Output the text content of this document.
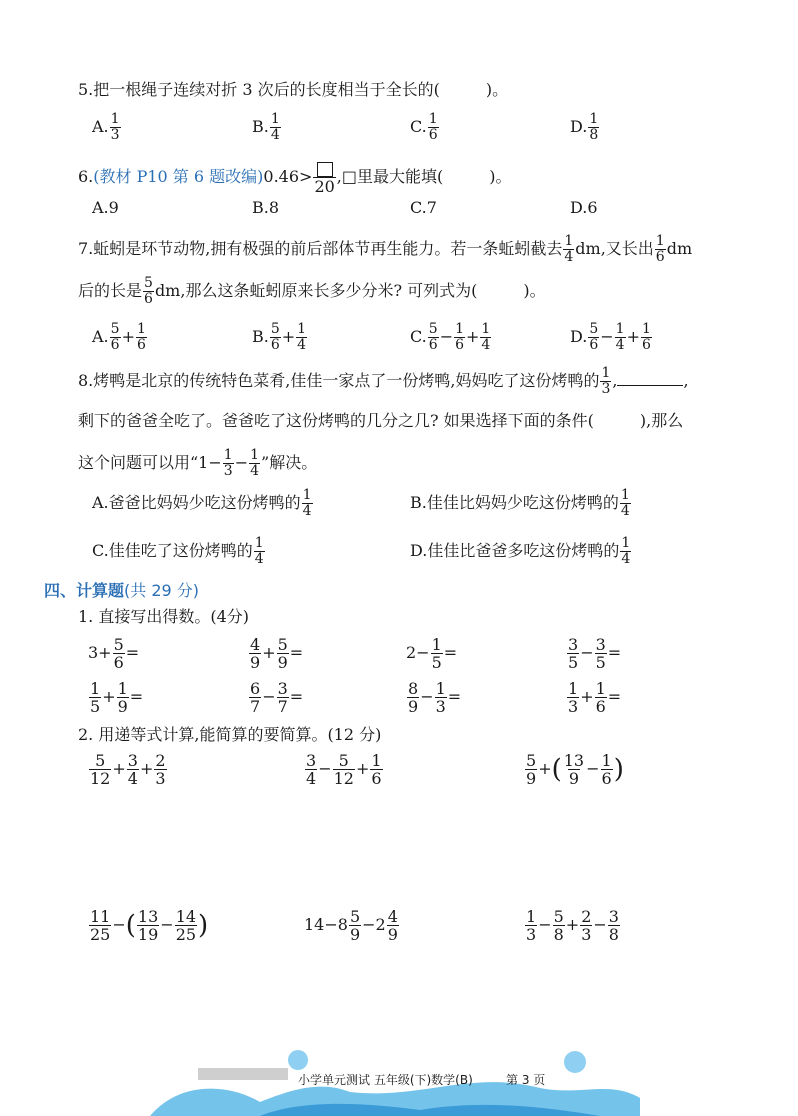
5.把一根绳子连续对折 3 次后的长度相当于全长的(	)。
A. $\frac{1}{3}$	B. $\frac{1}{4}$	C. $\frac{1}{6}$	D. $\frac{1}{8}$
6.(教材 P10 第 6 题改编)0.46>
20
,□里最大能填(	)。
A.9	B.8	C.7	D.6
7.蚯蚓是环节动物,拥有极强的前后部体节再生能力。若一条蚯蚓截去 $\frac{1}{4}$ dm,又长出 $\frac{1}{6}$ dm
后的长是 $\frac{5}{6}$ dm,那么这条蚯蚓原来长多少分米? 可列式为(	)。
A. $\frac{5}{6} + \frac{1}{6}$	B. $\frac{5}{6} + \frac{1}{4}$	C. $\frac{5}{6} - \frac{1}{6} + \frac{1}{4}$	D. $\frac{5}{6} - \frac{1}{4} + \frac{1}{6}$
8.烤鸭是北京的传统特色菜肴,佳佳一家点了一份烤鸭,妈妈吃了这份烤鸭的 $\frac{1}{3}$ ,	,
剩下的爸爸全吃了。爸爸吃了这份烤鸭的几分之几? 如果选择下面的条件(	),那么
这个问题可以用“$1- \frac{1}{3} - \frac{1}{4}$ ”解决。
A.爸爸比妈妈少吃这份烤鸭的 $\frac{1}{4}$	B.佳佳比妈妈少吃这份烤鸭的 $\frac{1}{4}$
C.佳佳吃了这份烤鸭的 $\frac{1}{4}$	D.佳佳比爸爸多吃这份烤鸭的 $\frac{1}{4}$
四、计算题(共 29 分)
1. 直接写出得数。(4分)
$3+ \frac{5}{6}$ =	$\frac{4}{9} + \frac{5}{9}$ =	$2- \frac{1}{5}$ =	$\frac{3}{5} - \frac{3}{5}$ =
$\frac{1}{5} + \frac{1}{9}$ =	$\frac{6}{7} - \frac{3}{7}$ =	$\frac{8}{9} - \frac{1}{3}$ =	$\frac{1}{3} + \frac{1}{6}$ =
2. 用递等式计算,能简算的要简算。(12 分)
$\frac{5}{12} + \frac{3}{4} + \frac{2}{3}$	$\frac{3}{4} - \frac{5}{12} + \frac{1}{6}$	$\frac{5}{9}$ +( $\frac{13}{9} - \frac{1}{6}$ )
$\frac{11}{25}$ −( $\frac{13}{19} - \frac{14}{25}$ )	$14-8 \frac{5}{9} -2 \frac{4}{9}$	$\frac{1}{3} - \frac{5}{8} + \frac{2}{3} - \frac{3}{8}$
小学单元测试 五年级(下)数学(B)	第 3 页
